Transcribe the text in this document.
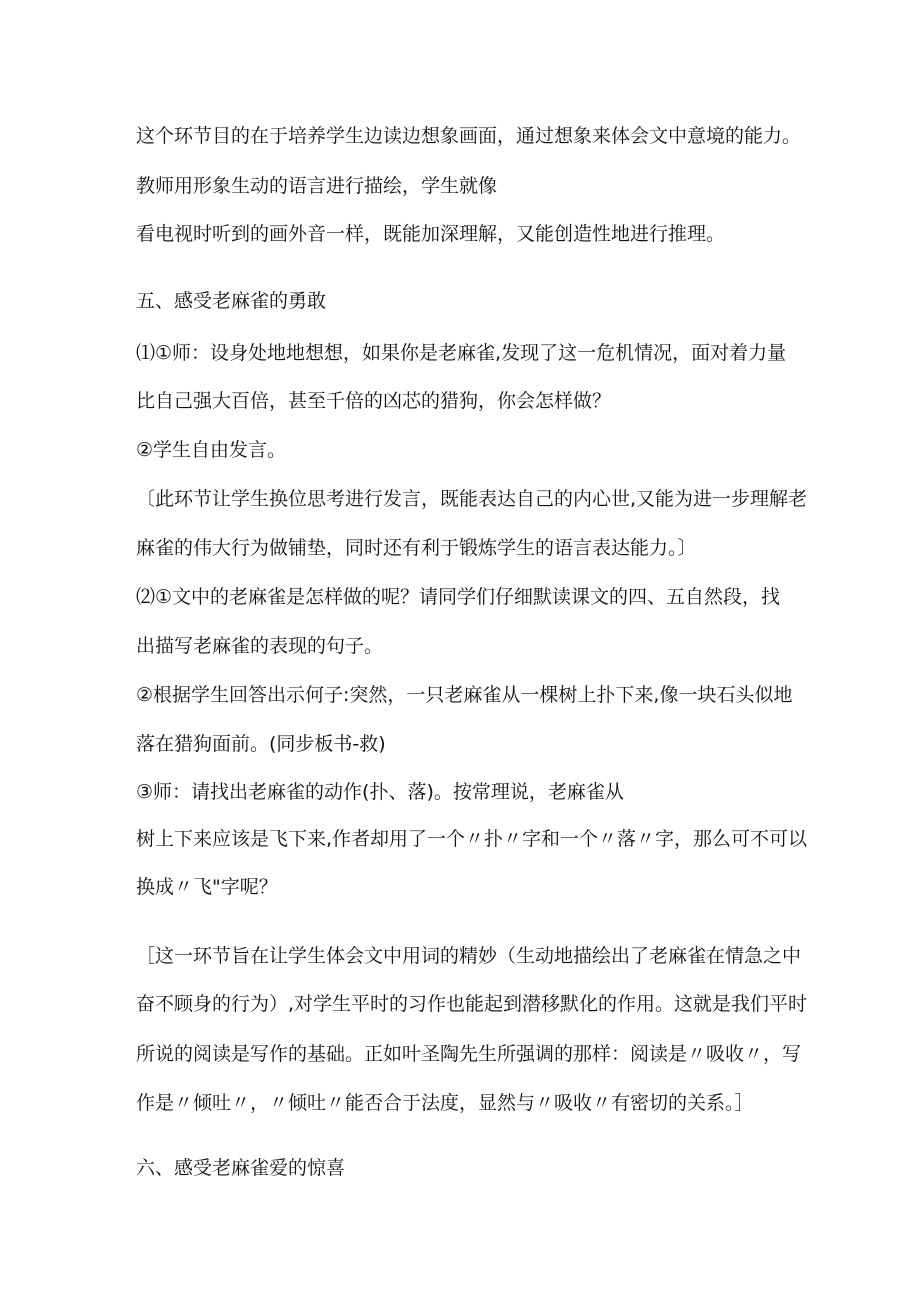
这个环节目的在于培养学生边读边想象画面，通过想象来体会文中意境的能力。
教师用形象生动的语言进行描绘，学生就像
看电视时听到的画外音一样，既能加深理解，又能创造性地进行推理。
五、感受老麻雀的勇敢
⑴①师：设身处地地想想，如果你是老麻雀,发现了这一危机情况，面对着力量
比自己强大百倍，甚至千倍的凶芯的猎狗，你会怎样做？
②学生自由发言。
〔此环节让学生换位思考进行发言，既能表达自己的内心世,又能为进一步理解老
麻雀的伟大行为做铺垫，同时还有利于锻炼学生的语言表达能力。〕
⑵①文中的老麻雀是怎样做的呢？请同学们仔细默读课文的四、五自然段，找
出描写老麻雀的表现的句子。
②根据学生回答出示何子:突然，一只老麻雀从一棵树上扑下来,像一块石头似地
落在猎狗面前。(同步板书-救)
③师：请找出老麻雀的动作(扑、落)。按常理说，老麻雀从
树上下来应该是飞下来,作者却用了一个〃扑〃字和一个〃落〃字，那么可不可以
换成〃飞"字呢？
［这一环节旨在让学生体会文中用词的精妙（生动地描绘出了老麻雀在情急之中
奋不顾身的行为）,对学生平时的习作也能起到潜移默化的作用。这就是我们平时
所说的阅读是写作的基础。正如叶圣陶先生所强调的那样：阅读是〃吸收〃，写
作是〃倾吐〃，〃倾吐〃能否合于法度，显然与〃吸收〃有密切的关系。］
六、感受老麻雀爱的惊喜
